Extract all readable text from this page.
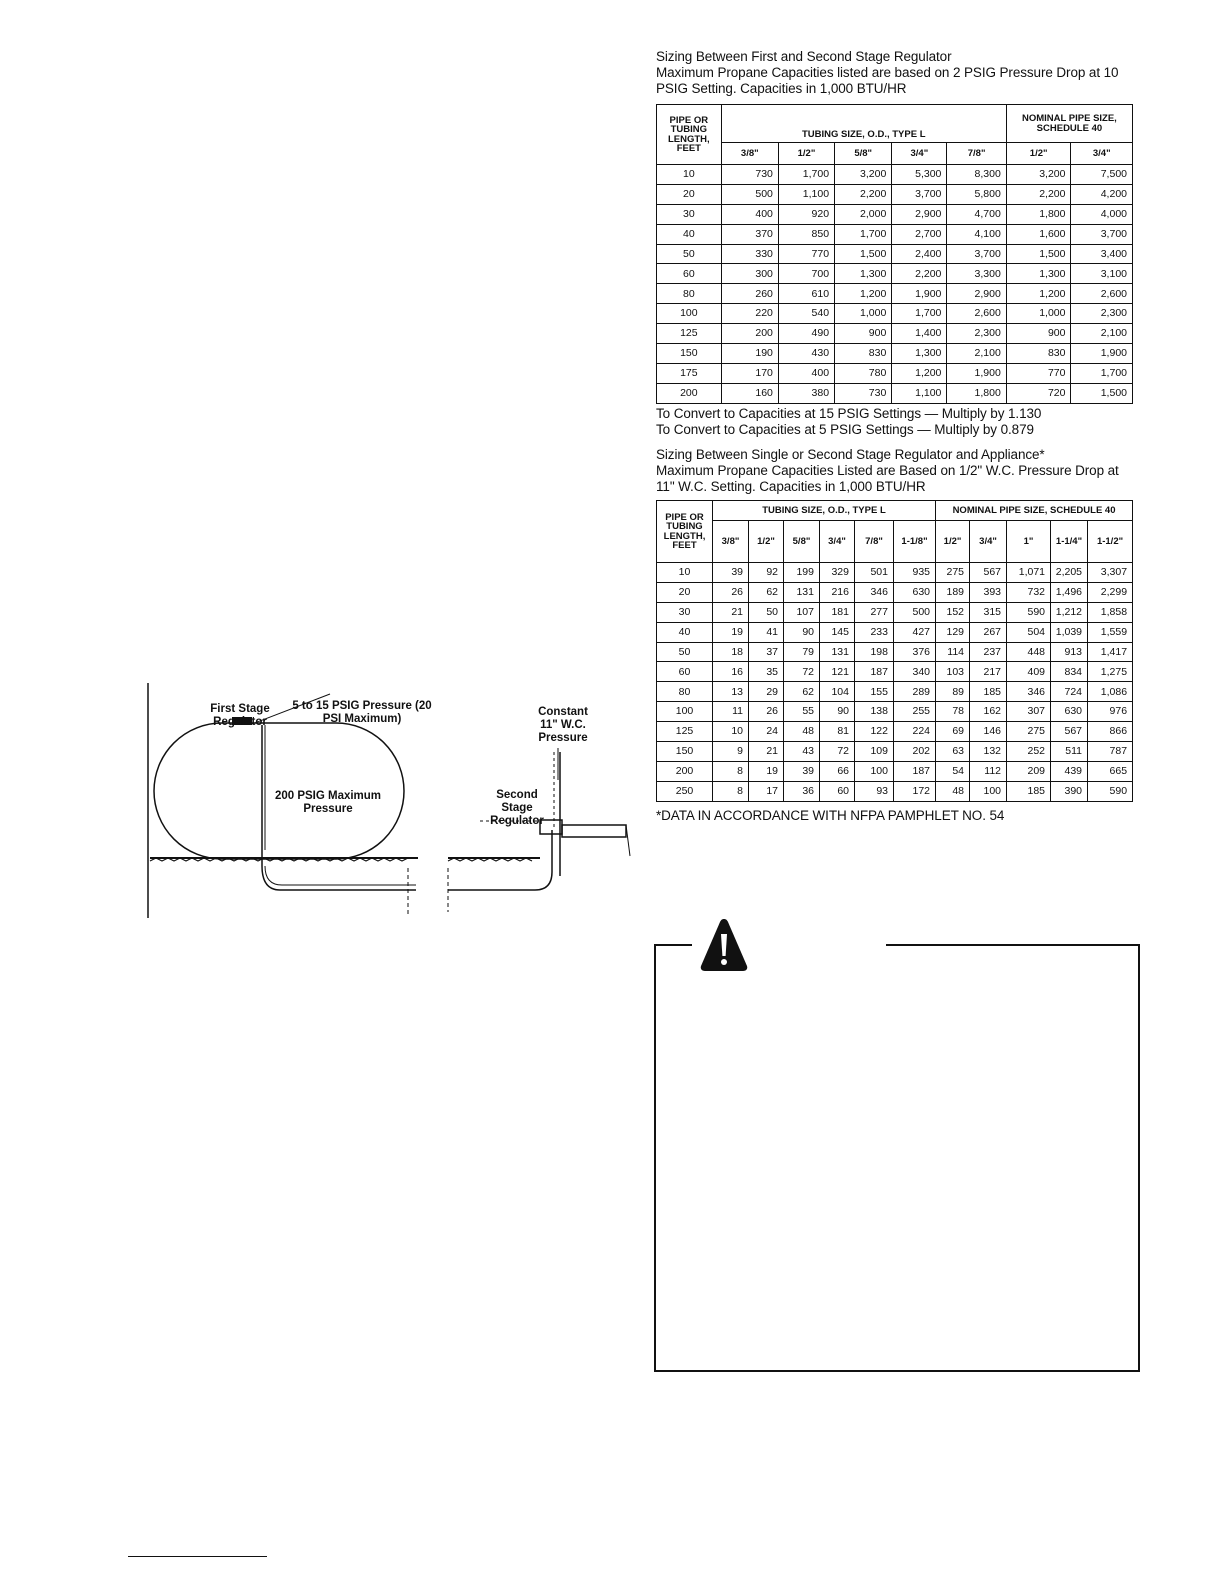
Sizing Between First and Second Stage Regulator
Maximum Propane Capacities listed are based on 2 PSIG Pressure Drop at 10
PSIG Setting. Capacities in 1,000 BTU/HR
PIPE OR TUBING LENGTH, FEET	TUBING SIZE, O.D., TYPE L					NOMINAL PIPE SIZE, SCHEDULE 40	
	3/8"	1/2"	5/8"	3/4"	7/8"	1/2"	3/4"
10	730	1,700	3,200	5,300	8,300	3,200	7,500
20	500	1,100	2,200	3,700	5,800	2,200	4,200
30	400	920	2,000	2,900	4,700	1,800	4,000
40	370	850	1,700	2,700	4,100	1,600	3,700
50	330	770	1,500	2,400	3,700	1,500	3,400
60	300	700	1,300	2,200	3,300	1,300	3,100
80	260	610	1,200	1,900	2,900	1,200	2,600
100	220	540	1,000	1,700	2,600	1,000	2,300
125	200	490	900	1,400	2,300	900	2,100
150	190	430	830	1,300	2,100	830	1,900
175	170	400	780	1,200	1,900	770	1,700
200	160	380	730	1,100	1,800	720	1,500
To Convert to Capacities at 15 PSIG Settings — Multiply by 1.130
To Convert to Capacities at 5 PSIG Settings — Multiply by 0.879
Sizing Between Single or Second Stage Regulator and Appliance*
Maximum Propane Capacities Listed are Based on 1/2" W.C. Pressure Drop at
11" W.C. Setting. Capacities in 1,000 BTU/HR
PIPE OR TUBING LENGTH, FEET	TUBING SIZE, O.D., TYPE L						NOMINAL PIPE SIZE, SCHEDULE 40				
	3/8"	1/2"	5/8"	3/4"	7/8"	1-1/8"	1/2"	3/4"	1"	1-1/4"	1-1/2"
10	39	92	199	329	501	935	275	567	1,071	2,205	3,307
20	26	62	131	216	346	630	189	393	732	1,496	2,299
30	21	50	107	181	277	500	152	315	590	1,212	1,858
40	19	41	90	145	233	427	129	267	504	1,039	1,559
50	18	37	79	131	198	376	114	237	448	913	1,417
60	16	35	72	121	187	340	103	217	409	834	1,275
80	13	29	62	104	155	289	89	185	346	724	1,086
100	11	26	55	90	138	255	78	162	307	630	976
125	10	24	48	81	122	224	69	146	275	567	866
150	9	21	43	72	109	202	63	132	252	511	787
200	8	19	39	66	100	187	54	112	209	439	665
250	8	17	36	60	93	172	48	100	185	390	590
*DATA IN ACCORDANCE WITH NFPA PAMPHLET NO. 54
First Stage Regulator
5 to 15 PSIG Pressure (20 PSI Maximum)
200 PSIG Maximum Pressure
Constant 11" W.C. Pressure
Second Stage Regulator
